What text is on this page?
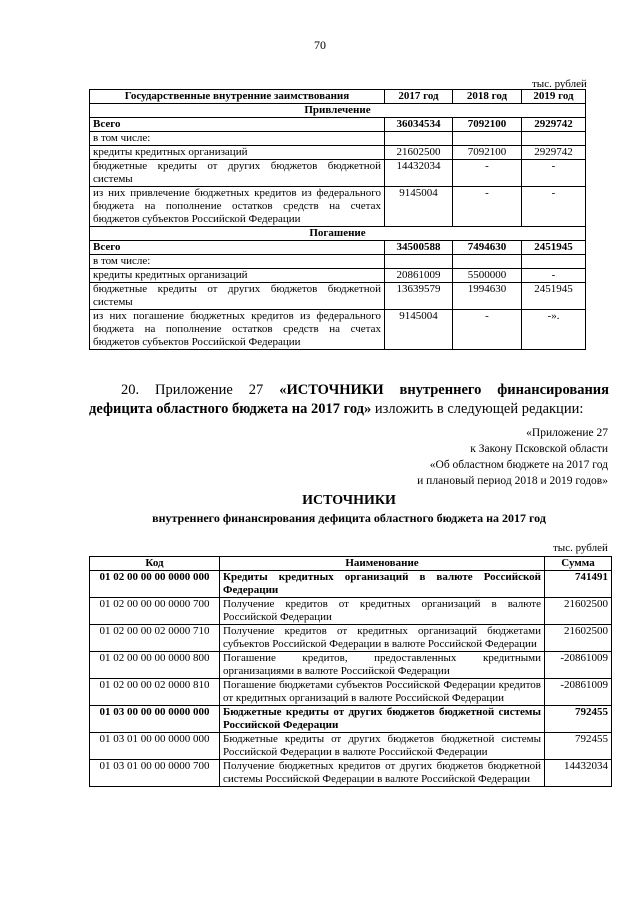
70
тыс. рублей
Государственные внутренние заимствования	2017 год	2018 год	2019 год
Привлечение			
Всего	36034534	7092100	2929742
в том числе:			
кредиты кредитных организаций	21602500	7092100	2929742
бюджетные кредиты от других бюджетов бюджетной системы	14432034	-	-
из них привлечение бюджетных кредитов из федерального бюджета на пополнение остатков средств на счетах бюджетов субъектов Российской Федерации	9145004	-	-
Погашение			
Всего	34500588	7494630	2451945
в том числе:			
кредиты кредитных организаций	20861009	5500000	-
бюджетные кредиты от других бюджетов бюджетной системы	13639579	1994630	2451945
из них погашение бюджетных кредитов из федерального бюджета на пополнение остатков средств на счетах бюджетов субъектов Российской Федерации	9145004	-	-».
20. Приложение 27 «ИСТОЧНИКИ внутреннего финансирования дефицита областного бюджета на 2017 год» изложить в следующей редакции:
«Приложение 27
к Закону Псковской области
«Об областном бюджете на 2017 год
и плановый период 2018 и 2019 годов»
ИСТОЧНИКИ
внутреннего финансирования дефицита областного бюджета на 2017 год
тыс. рублей
Код	Наименование	Сумма
01 02 00 00 00 0000 000	Кредиты кредитных организаций в валюте Российской Федерации	741491
01 02 00 00 00 0000 700	Получение кредитов от кредитных организаций в валюте Российской Федерации	21602500
01 02 00 00 02 0000 710	Получение кредитов от кредитных организаций бюджетами субъектов Российской Федерации в валюте Российской Федерации	21602500
01 02 00 00 00 0000 800	Погашение кредитов, предоставленных кредитными организациями в валюте Российской Федерации	-20861009
01 02 00 00 02 0000 810	Погашение бюджетами субъектов Российской Федерации кредитов от кредитных организаций в валюте Российской Федерации	-20861009
01 03 00 00 00 0000 000	Бюджетные кредиты от других бюджетов бюджетной системы Российской Федерации	792455
01 03 01 00 00 0000 000	Бюджетные кредиты от других бюджетов бюджетной системы Российской Федерации в валюте Российской Федерации	792455
01 03 01 00 00 0000 700	Получение бюджетных кредитов от других бюджетов бюджетной системы Российской Федерации в валюте Российской Федерации	14432034
